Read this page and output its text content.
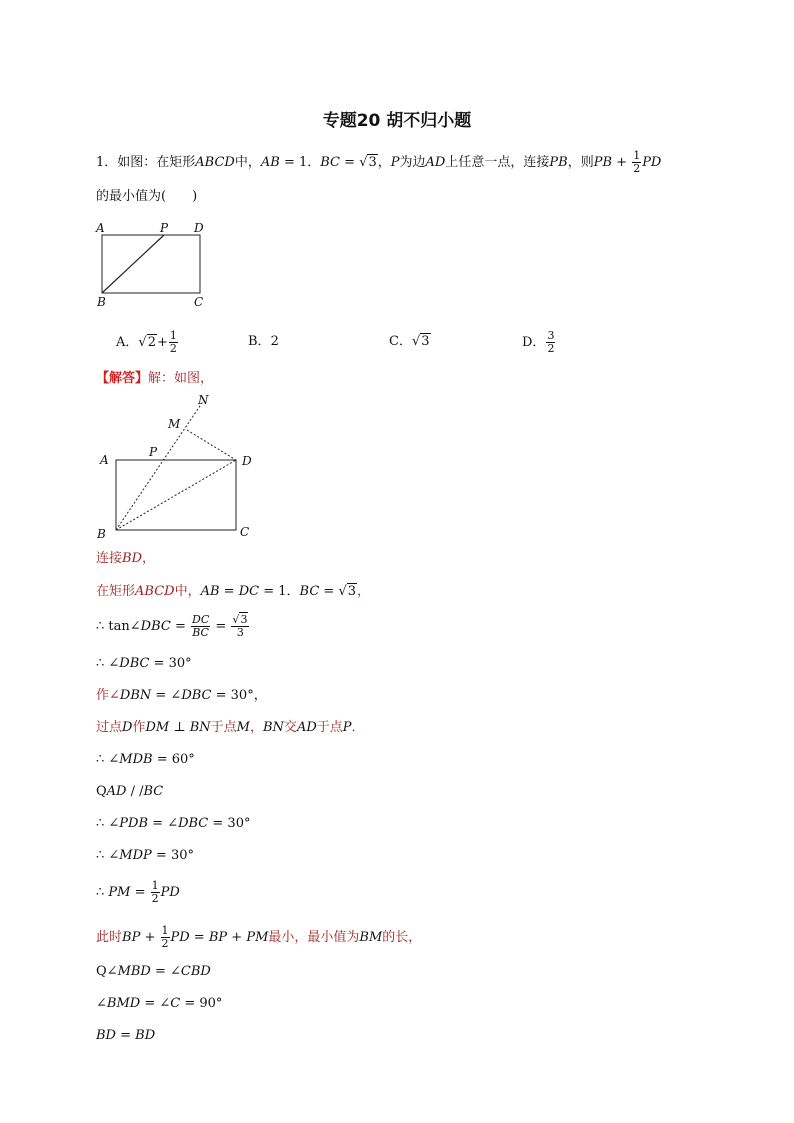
专题20 胡不归小题
1．如图：在矩形ABCD中，AB = 1．BC = √3，P为边AD上任意一点，连接PB，则PB + $\frac{1}{2}$ PD
的最小值为(　　)
A	P D
B	C
A．$√2+ \frac{1}{2}$	B．2	C．√3	D． $\frac{3}{2}$
【解答】解：如图，
N
M
A
P
D
B	C
连接BD，
在矩形ABCD中，AB = DC = 1．BC = √3，
∴ tan∠DBC = $\frac{DC}{BC} = \frac{√3}{3}$
∴ ∠DBC = 30°
作∠DBN = ∠DBC = 30°，
过点D作DM ⊥ BN于点M，BN交AD于点P．
∴ ∠MDB = 60°
QAD / /BC
∴ ∠PDB = ∠DBC = 30°
∴ ∠MDP = 30°
∴ PM = $\frac{1}{2}$ PD
此时BP + $\frac{1}{2}$ PD = BP + PM最小，最小值为BM的长，
Q∠MBD = ∠CBD
∠BMD = ∠C = 90°
BD = BD
